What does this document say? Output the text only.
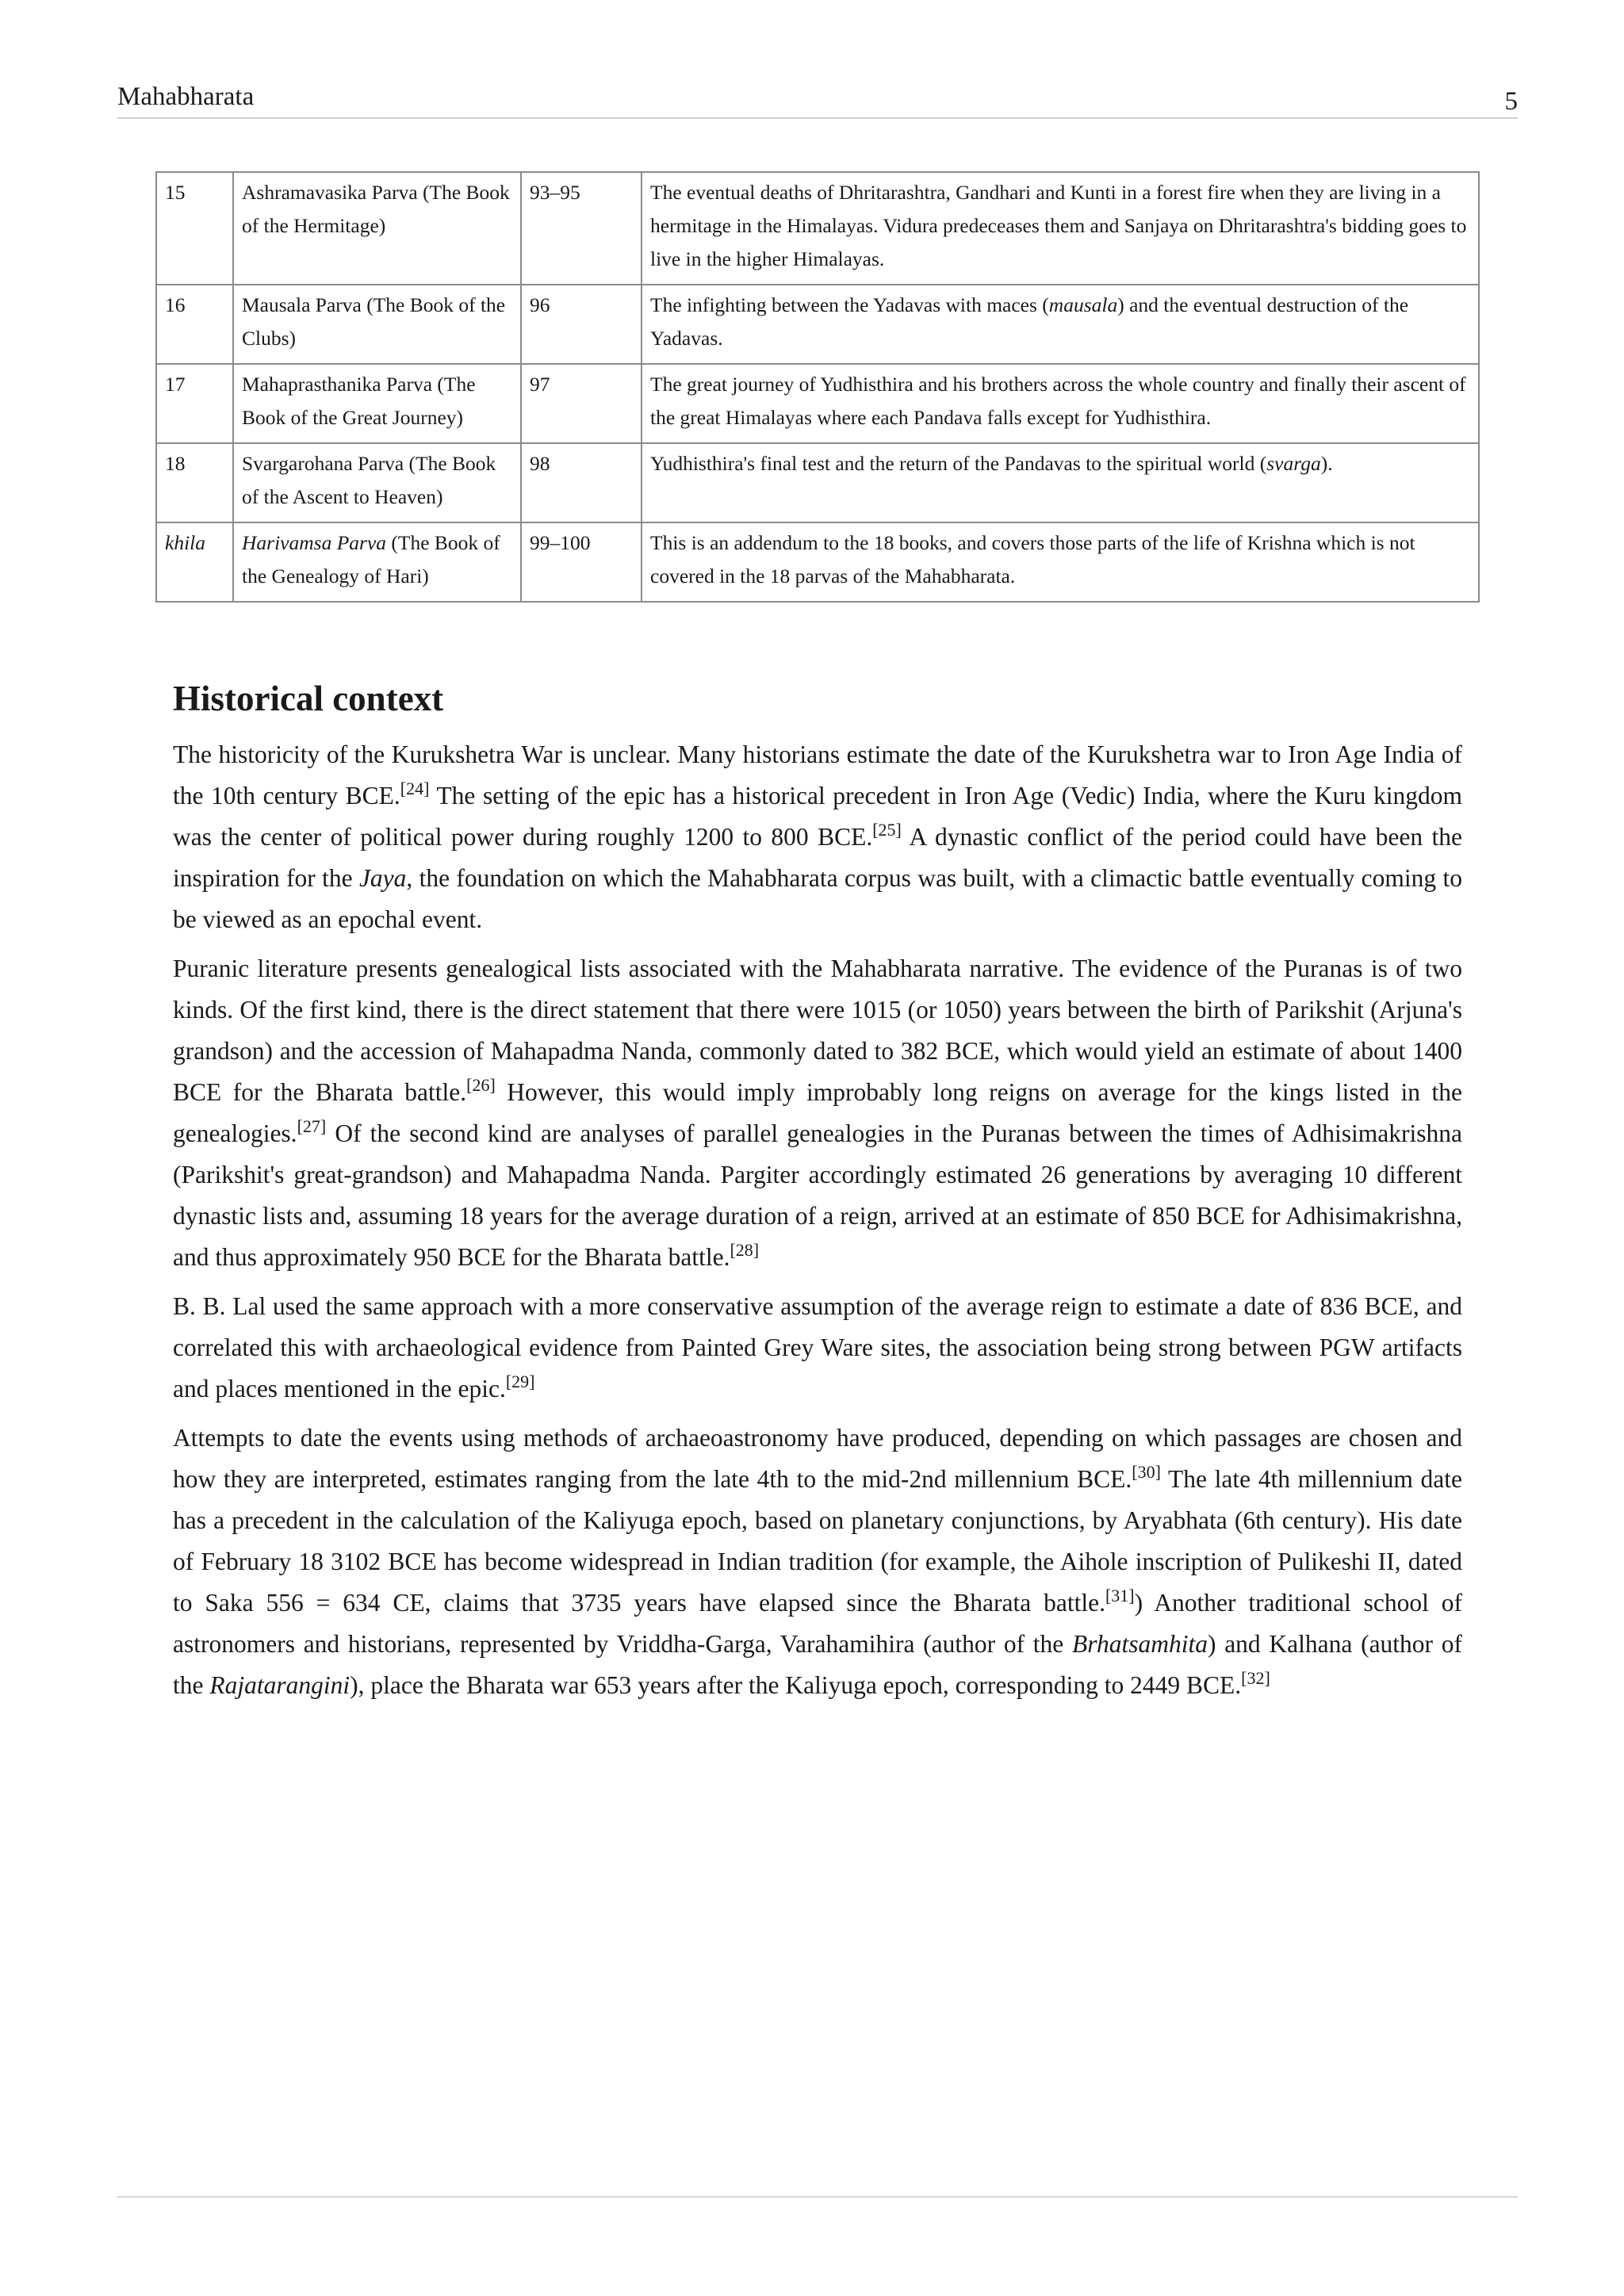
Mahabharata	5
15	Ashramavasika Parva (The Book of the Hermitage)	93–95	The eventual deaths of Dhritarashtra, Gandhari and Kunti in a forest fire when they are living in a hermitage in the Himalayas. Vidura predeceases them and Sanjaya on Dhritarashtra's bidding goes to live in the higher Himalayas.
16	Mausala Parva (The Book of the Clubs)	96	The infighting between the Yadavas with maces (mausala) and the eventual destruction of the Yadavas.
17	Mahaprasthanika Parva (The Book of the Great Journey)	97	The great journey of Yudhisthira and his brothers across the whole country and finally their ascent of the great Himalayas where each Pandava falls except for Yudhisthira.
18	Svargarohana Parva (The Book of the Ascent to Heaven)	98	Yudhisthira's final test and the return of the Pandavas to the spiritual world (svarga).
khila	Harivamsa Parva (The Book of the Genealogy of Hari)	99–100	This is an addendum to the 18 books, and covers those parts of the life of Krishna which is not covered in the 18 parvas of the Mahabharata.
Historical context

The historicity of the Kurukshetra War is unclear. Many historians estimate the date of the Kurukshetra war to Iron Age India of the 10th century BCE.[24] The setting of the epic has a historical precedent in Iron Age (Vedic) India, where the Kuru kingdom was the center of political power during roughly 1200 to 800 BCE.[25] A dynastic conflict of the period could have been the inspiration for the Jaya, the foundation on which the Mahabharata corpus was built, with a climactic battle eventually coming to be viewed as an epochal event.

Puranic literature presents genealogical lists associated with the Mahabharata narrative. The evidence of the Puranas is of two kinds. Of the first kind, there is the direct statement that there were 1015 (or 1050) years between the birth of Parikshit (Arjuna's grandson) and the accession of Mahapadma Nanda, commonly dated to 382 BCE, which would yield an estimate of about 1400 BCE for the Bharata battle.[26] However, this would imply improbably long reigns on average for the kings listed in the genealogies.[27] Of the second kind are analyses of parallel genealogies in the Puranas between the times of Adhisimakrishna (Parikshit's great-grandson) and Mahapadma Nanda. Pargiter accordingly estimated 26 generations by averaging 10 different dynastic lists and, assuming 18 years for the average duration of a reign, arrived at an estimate of 850 BCE for Adhisimakrishna, and thus approximately 950 BCE for the Bharata battle.[28]

B. B. Lal used the same approach with a more conservative assumption of the average reign to estimate a date of 836 BCE, and correlated this with archaeological evidence from Painted Grey Ware sites, the association being strong between PGW artifacts and places mentioned in the epic.[29]

Attempts to date the events using methods of archaeoastronomy have produced, depending on which passages are chosen and how they are interpreted, estimates ranging from the late 4th to the mid-2nd millennium BCE.[30] The late 4th millennium date has a precedent in the calculation of the Kaliyuga epoch, based on planetary conjunctions, by Aryabhata (6th century). His date of February 18 3102 BCE has become widespread in Indian tradition (for example, the Aihole inscription of Pulikeshi II, dated to Saka 556 = 634 CE, claims that 3735 years have elapsed since the Bharata battle.[31]) Another traditional school of astronomers and historians, represented by Vriddha-Garga, Varahamihira (author of the Brhatsamhita) and Kalhana (author of the Rajatarangini), place the Bharata war 653 years after the Kaliyuga epoch, corresponding to 2449 BCE.[32]
